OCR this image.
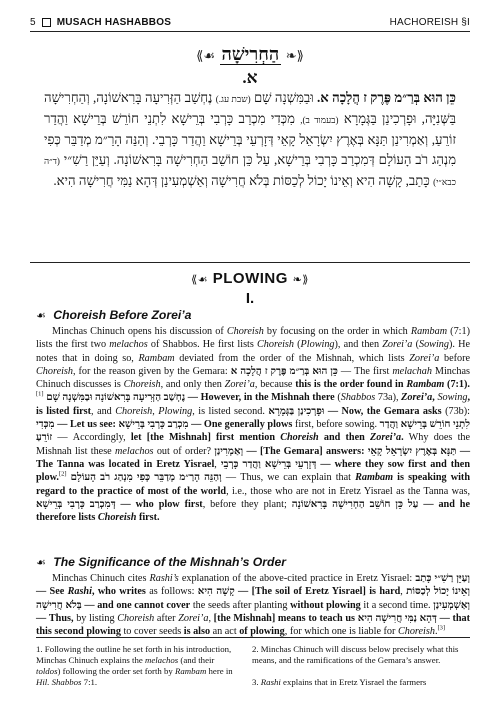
5 MUSACH HASHABBOS	HACHOREISH §I
⟪☙ הַחְרִישָׁה ❧⟫
א.
כֵּן הוּא בְּרַ״מ פֶּרֶק ז הֲלָכָה א. וּבַמִּשְׁנָה שָׁם (שבת עג.) נֶחְשַׁב הַזְּרִיעָה בָּרִאשׁוֹנָה, וְהַחְרִישָׁה בַּשְּׁנִיָּה, וּפָרְכִינַן בַּגְּמָרָא (בעמוד ב), מִכְּדִי מִכְרַב כָּרְבִי בְּרֵישָׁא לִתְנֵי חוֹרֵשׁ בְּרֵישָׁא וַהֲדַר זוֹרֵעַ, וְאַמְרִינַן תַּנָּא בְּאֶרֶץ יִשְׂרָאֵל קָאֵי דְּזָרְעֵי בְּרֵישָׁא וַהֲדַר כָּרְבֵי. וְהַנֵּה הָרַ״מ מְדַבֵּר כְּפִי מִנְהַג רֹב הָעוֹלָם דְּמִכְרַב כָּרְבִי בְּרֵישָׁא, עַל כֵּן חוֹשֵׁב הַחְרִישָׁה בָּרִאשׁוֹנָה. וְעַיֵּן רַשִׁ״י (ד״ה כבא״י) כָּתַב, קָשָׁה הִיא וְאֵינוֹ יָכוֹל לְכַסּוֹת בְּלֹא חֲרִישָׁה וְאַשְׁמְעִינַן דְּהָא נַמִּי חֲרִישָׁה הִיא.
⟪☙ PLOWING ❧⟫
I.
☙ Choreish Before Zorei’a
Minchas Chinuch opens his discussion of Choreish by focusing on the order in which Rambam (7:1) lists the first two melachos of Shabbos. He first lists Choreish (Plowing), and then Zorei’a (Sowing). He notes that in doing so, Rambam deviated from the order of the Mishnah, which lists Zorei’a before Choreish, for the reason given by the Gemara: כֵּן הוּא בְּרַ״מ פֶּרֶק ז הֲלָכָה א — The first melachah Minchas Chinuch discusses is Choreish, and only then Zorei’a, because this is the order found in Rambam (7:1).[1] וּבַמִּשְׁנָה שָׁם נֶחְשַׁב הַזְּרִיעָה בָּרִאשׁוֹנָה — However, in the Mishnah there (Shabbos 73a), Zorei’a, Sowing, is listed first, and Choreish, Plowing, is listed second. וּפָרְכִינַן בַּגְּמָרָא — Now, the Gemara asks (73b): מִכְּדִי — Let us see: מִכְרַב כָּרְבִי בְּרֵישָׁא — One generally plows first, before sowing. לִתְנֵי חוֹרֵשׁ בְּרֵישָׁא וַהֲדַר זוֹרֵעַ — Accordingly, let [the Mishnah] first mention Choreish and then Zorei’a. Why does the Mishnah list these melachos out of order? וְאַמְרִינַן — [The Gemara] answers: תַּנָּא בְּאֶרֶץ יִשְׂרָאֵל קָאֵי — The Tanna was located in Eretz Yisrael, דְּזָרְעֵי בְּרֵישָׁא וַהֲדַר כָּרְבֵי — where they sow first and then plow.[2] וְהַנֵּה הָרַ״מ מְדַבֵּר כְּפִי מִנְהַג רֹב הָעוֹלָם — Thus, we can explain that Rambam is speaking with regard to the practice of most of the world, i.e., those who are not in Eretz Yisrael as the Tanna was, דְּמִכְרַב כָּרְבִי בְּרֵישָׁא — who plow first, before they plant; עַל כֵּן חוֹשֵׁב הַחְרִישָׁה בָּרִאשׁוֹנָה — and he therefore lists Choreish first.
☙ The Significance of the Mishnah’s Order
Minchas Chinuch cites Rashi’s explanation of the above-cited practice in Eretz Yisrael: וְעַיֵּן רַשִׁ״י כָּתַב — See Rashi, who writes as follows: קָשָׁה הִיא — [The soil of Eretz Yisrael] is hard, וְאֵינוֹ יָכוֹל לְכַסּוֹת בְּלֹא חֲרִישָׁה — and one cannot cover the seeds after planting without plowing it a second time. וְאַשְׁמְעִינַן — Thus, by listing Choreish after Zorei’a, [the Mishnah] means to teach us דְּהָא נַמִּי חֲרִישָׁה הִיא — that this second plowing to cover seeds is also an act of plowing, for which one is liable for Choreish.[3]
1. Following the outline he set forth in his introduction, Minchas Chinuch explains the melachos (and their toldos) following the order set forth by Rambam here in Hil. Shabbos 7:1.
2. Minchas Chinuch will discuss below precisely what this means, and the ramifications of the Gemara’s answer.
3. Rashi explains that in Eretz Yisrael the farmers
